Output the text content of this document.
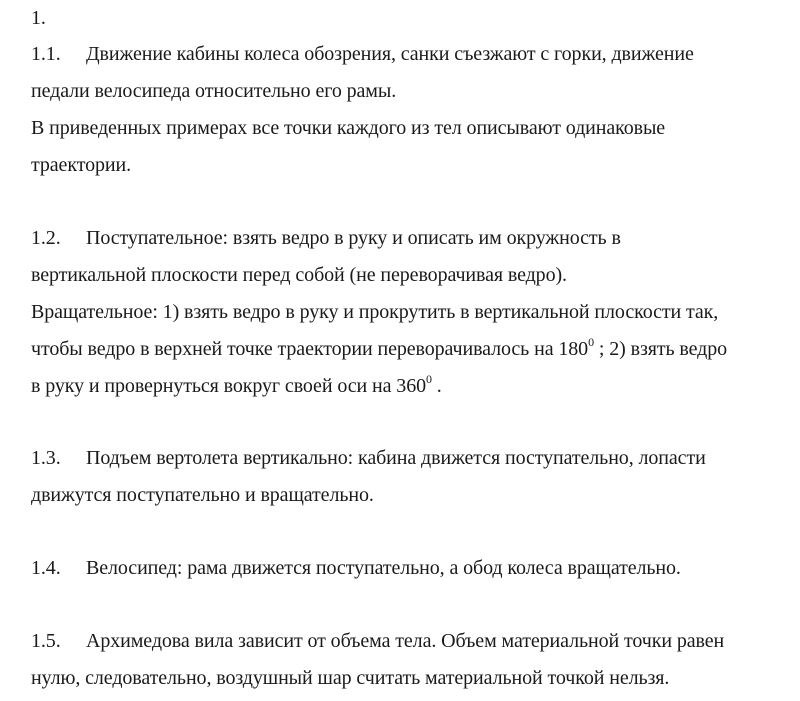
1.
1.1. Движение кабины колеса обозрения, санки съезжают с горки, движение
педали велосипеда относительно его рамы.
В приведенных примерах все точки каждого из тел описывают одинаковые
траектории.
1.2. Поступательное: взять ведро в руку и описать им окружность в
вертикальной плоскости перед собой (не переворачивая ведро).
Вращательное: 1) взять ведро в руку и прокрутить в вертикальной плоскости так,
чтобы ведро в верхней точке траектории переворачивалось на $180^0$ ; 2) взять ведро
в руку и провернуться вокруг своей оси на $360^0$ .
1.3. Подъем вертолета вертикально: кабина движется поступательно, лопасти
движутся поступательно и вращательно.
1.4. Велосипед: рама движется поступательно, а обод колеса вращательно.
1.5. Архимедова вила зависит от объема тела. Объем материальной точки равен
нулю, следовательно, воздушный шар считать материальной точкой нельзя.
